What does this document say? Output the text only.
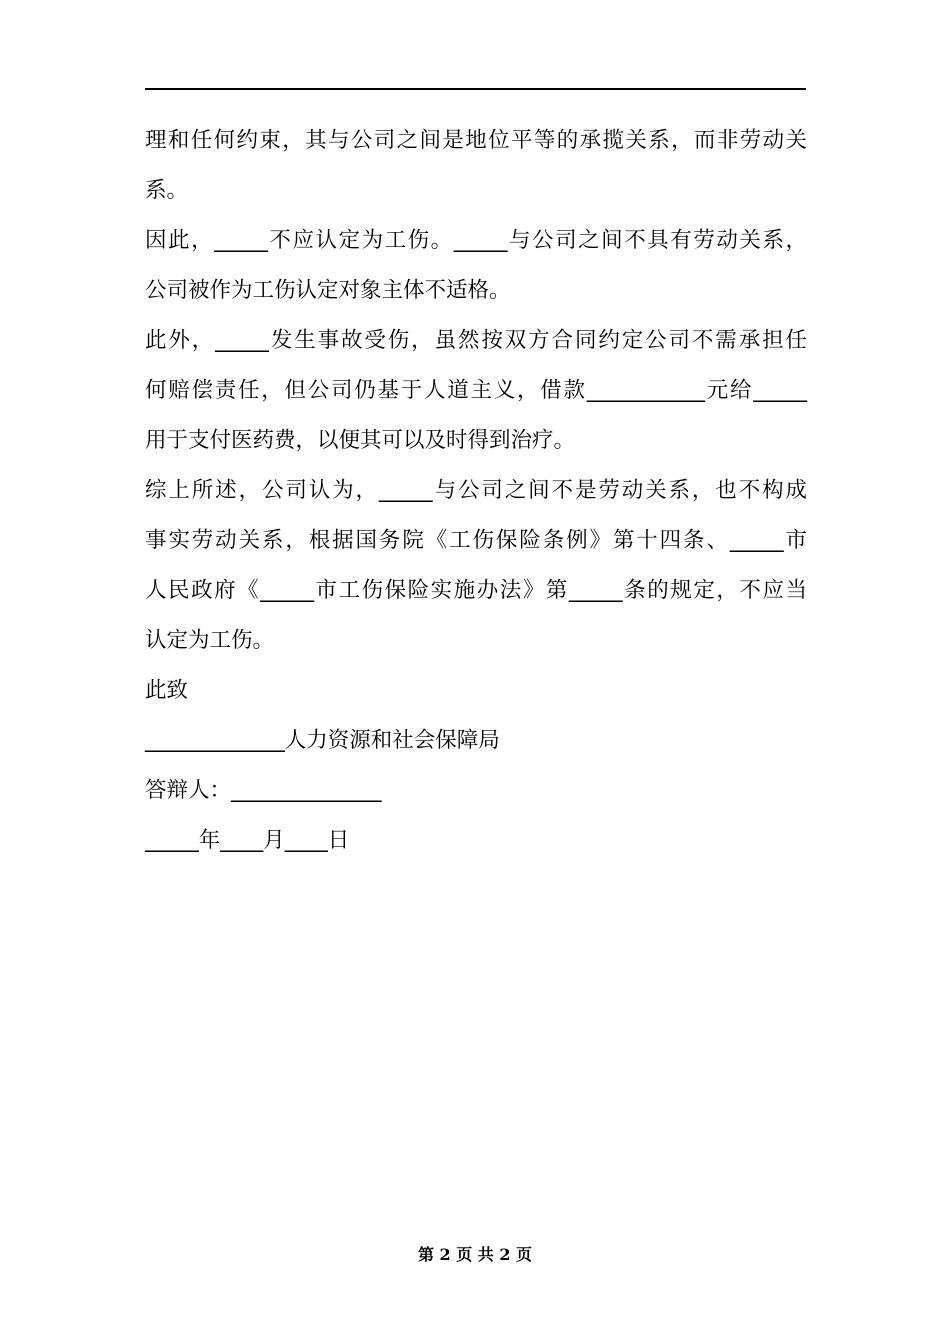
理和任何约束，其与公司之间是地位平等的承揽关系，而非劳动关
系。
因此，_____不应认定为工伤。_____与公司之间不具有劳动关系，
公司被作为工伤认定对象主体不适格。
此外，_____发生事故受伤，虽然按双方合同约定公司不需承担任
何赔偿责任，但公司仍基于人道主义，借款___________元给_____
用于支付医药费，以便其可以及时得到治疗。
综上所述，公司认为，_____与公司之间不是劳动关系，也不构成
事实劳动关系，根据国务院《工伤保险条例》第十四条、_____市
人民政府《_____市工伤保险实施办法》第_____条的规定，不应当
认定为工伤。
此致
_____________人力资源和社会保障局
答辩人：______________
_____年____月____日
第 2 页 共 2 页
